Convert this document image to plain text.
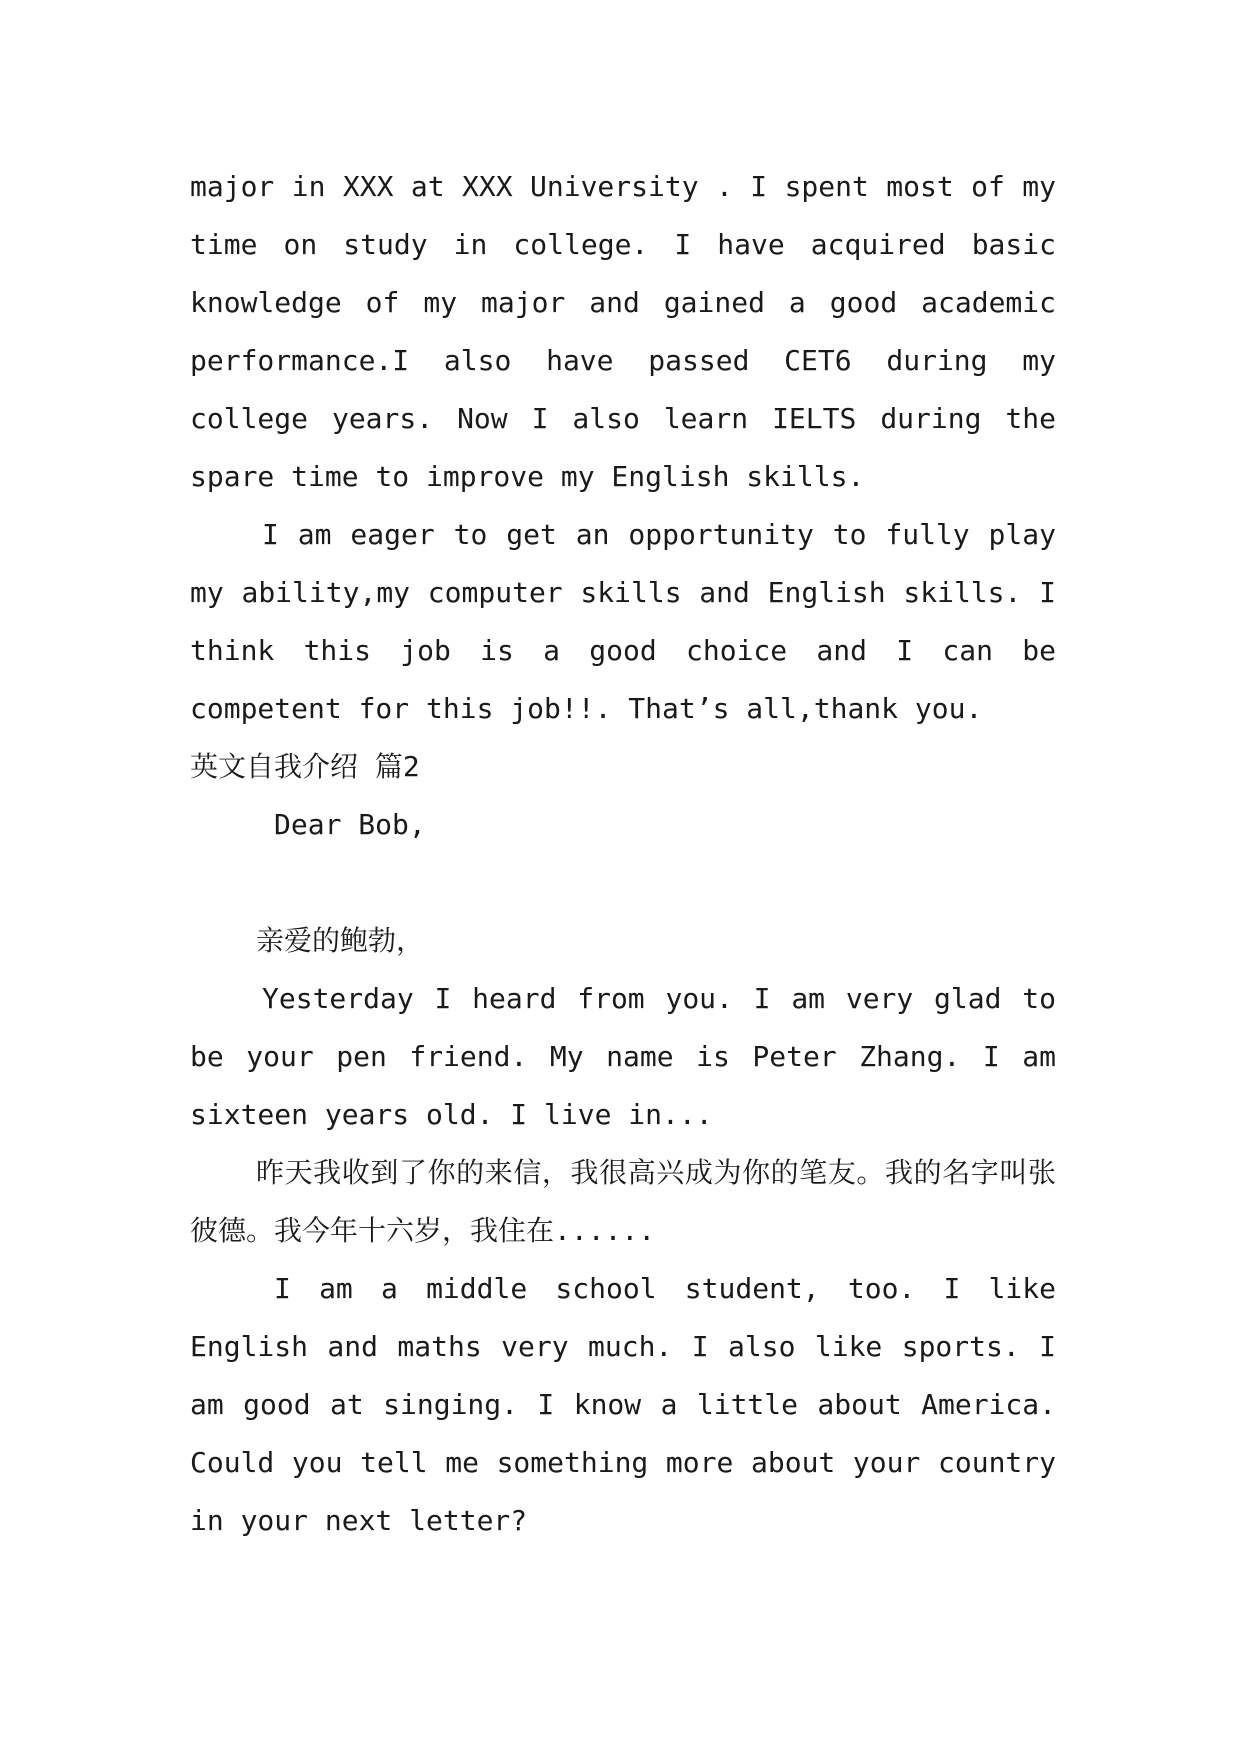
major in XXX at XXX University . I spent most of my time on study in college. I have acquired basic knowledge of my major and gained a good academic performance.I also have passed CET6 during my college years. Now I also learn IELTS during the spare time to improve my English skills.

I am eager to get an opportunity to fully play my ability,my computer skills and English skills. I think this job is a good choice and I can be competent for this job!!. That’s all,thank you.

英文自我介绍 篇2

Dear Bob,

亲爱的鲍勃，

Yesterday I heard from you. I am very glad to be your pen friend. My name is Peter Zhang. I am sixteen years old. I live in...

昨天我收到了你的来信，我很高兴成为你的笔友。我的名字叫张彼德。我今年十六岁，我住在......

I am a middle school student, too. I like English and maths very much. I also like sports. I am good at singing. I know a little about America. Could you tell me something more about your country in your next letter?
